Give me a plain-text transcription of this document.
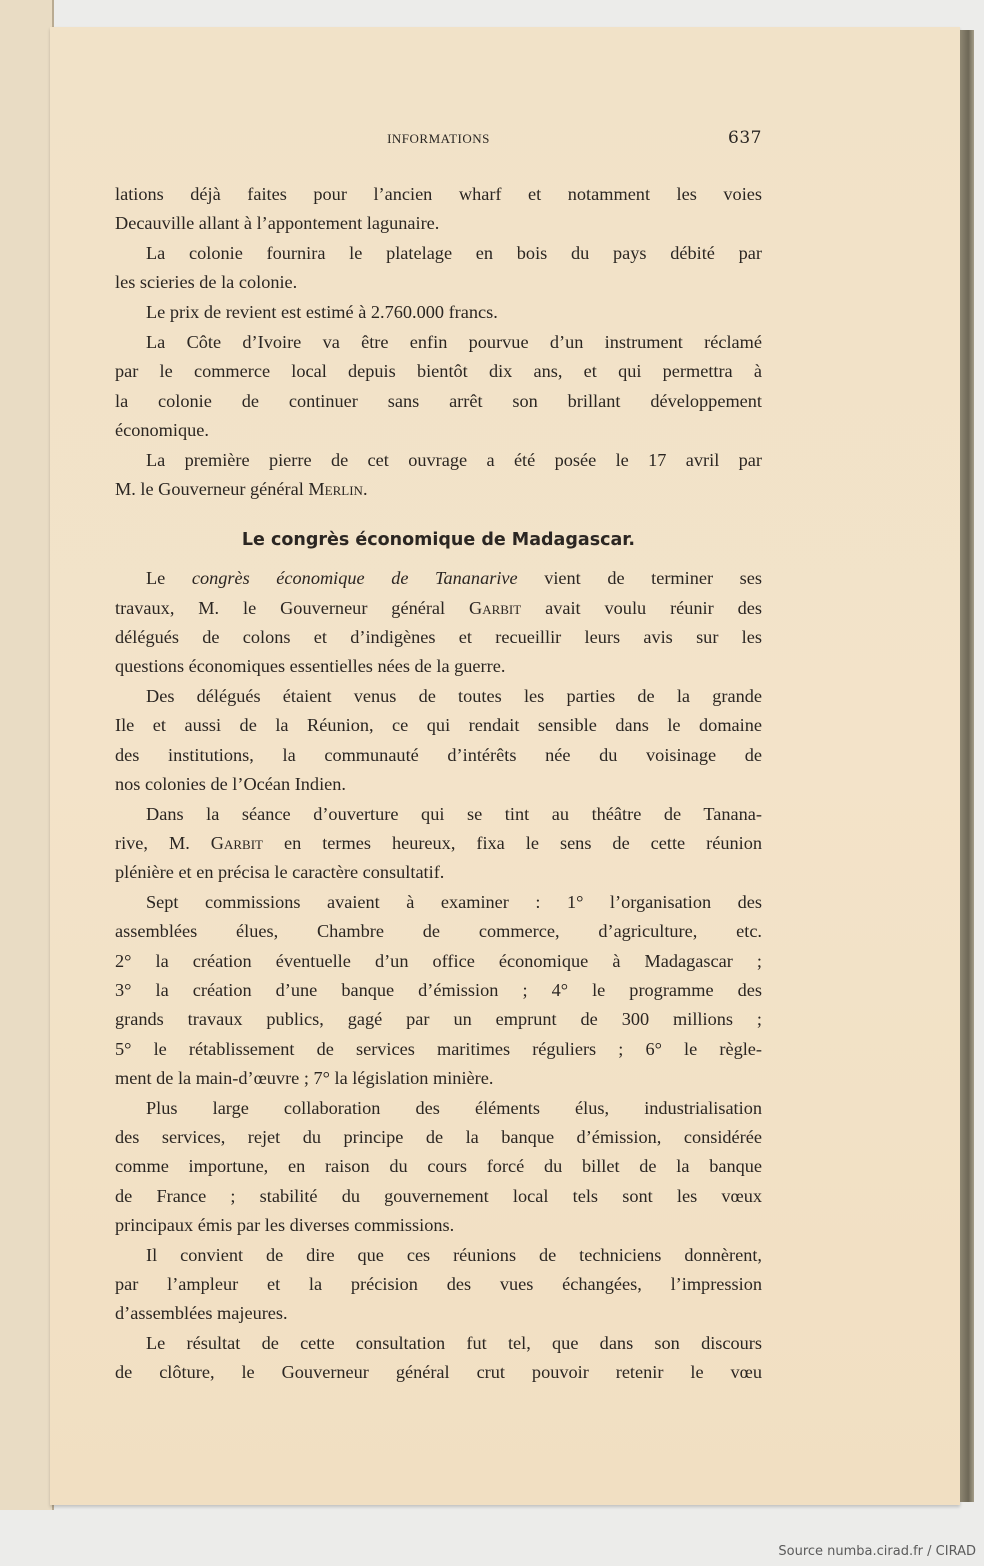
INFORMATIONS	637
lations déjà faites pour l’ancien wharf et notamment les voies
Decauville allant à l’appontement lagunaire.
La colonie fournira le platelage en bois du pays débité par
les scieries de la colonie.
Le prix de revient est estimé à 2.760.000 francs.
La Côte d’Ivoire va être enfin pourvue d’un instrument réclamé
par le commerce local depuis bientôt dix ans, et qui permettra à
la colonie de continuer sans arrêt son brillant développement
économique.
La première pierre de cet ouvrage a été posée le 17 avril par
M. le Gouverneur général Merlin.
Le congrès économique de Madagascar.
Le congrès économique de Tananarive vient de terminer ses
travaux, M. le Gouverneur général Garbit avait voulu réunir des
délégués de colons et d’indigènes et recueillir leurs avis sur les
questions économiques essentielles nées de la guerre.
Des délégués étaient venus de toutes les parties de la grande
Ile et aussi de la Réunion, ce qui rendait sensible dans le domaine
des institutions, la communauté d’intérêts née du voisinage de
nos colonies de l’Océan Indien.
Dans la séance d’ouverture qui se tint au théâtre de Tanana-
rive, M. Garbit en termes heureux, fixa le sens de cette réunion
plénière et en précisa le caractère consultatif.
Sept commissions avaient à examiner : 1° l’organisation des
assemblées élues, Chambre de commerce, d’agriculture, etc.
2° la création éventuelle d’un office économique à Madagascar ;
3° la création d’une banque d’émission ; 4° le programme des
grands travaux publics, gagé par un emprunt de 300 millions ;
5° le rétablissement de services maritimes réguliers ; 6° le règle-
ment de la main-d’œuvre ; 7° la législation minière.
Plus large collaboration des éléments élus, industrialisation
des services, rejet du principe de la banque d’émission, considérée
comme importune, en raison du cours forcé du billet de la banque
de France ; stabilité du gouvernement local tels sont les vœux
principaux émis par les diverses commissions.
Il convient de dire que ces réunions de techniciens donnèrent,
par l’ampleur et la précision des vues échangées, l’impression
d’assemblées majeures.
Le résultat de cette consultation fut tel, que dans son discours
de clôture, le Gouverneur général crut pouvoir retenir le vœu
Source numba.cirad.fr / CIRAD
